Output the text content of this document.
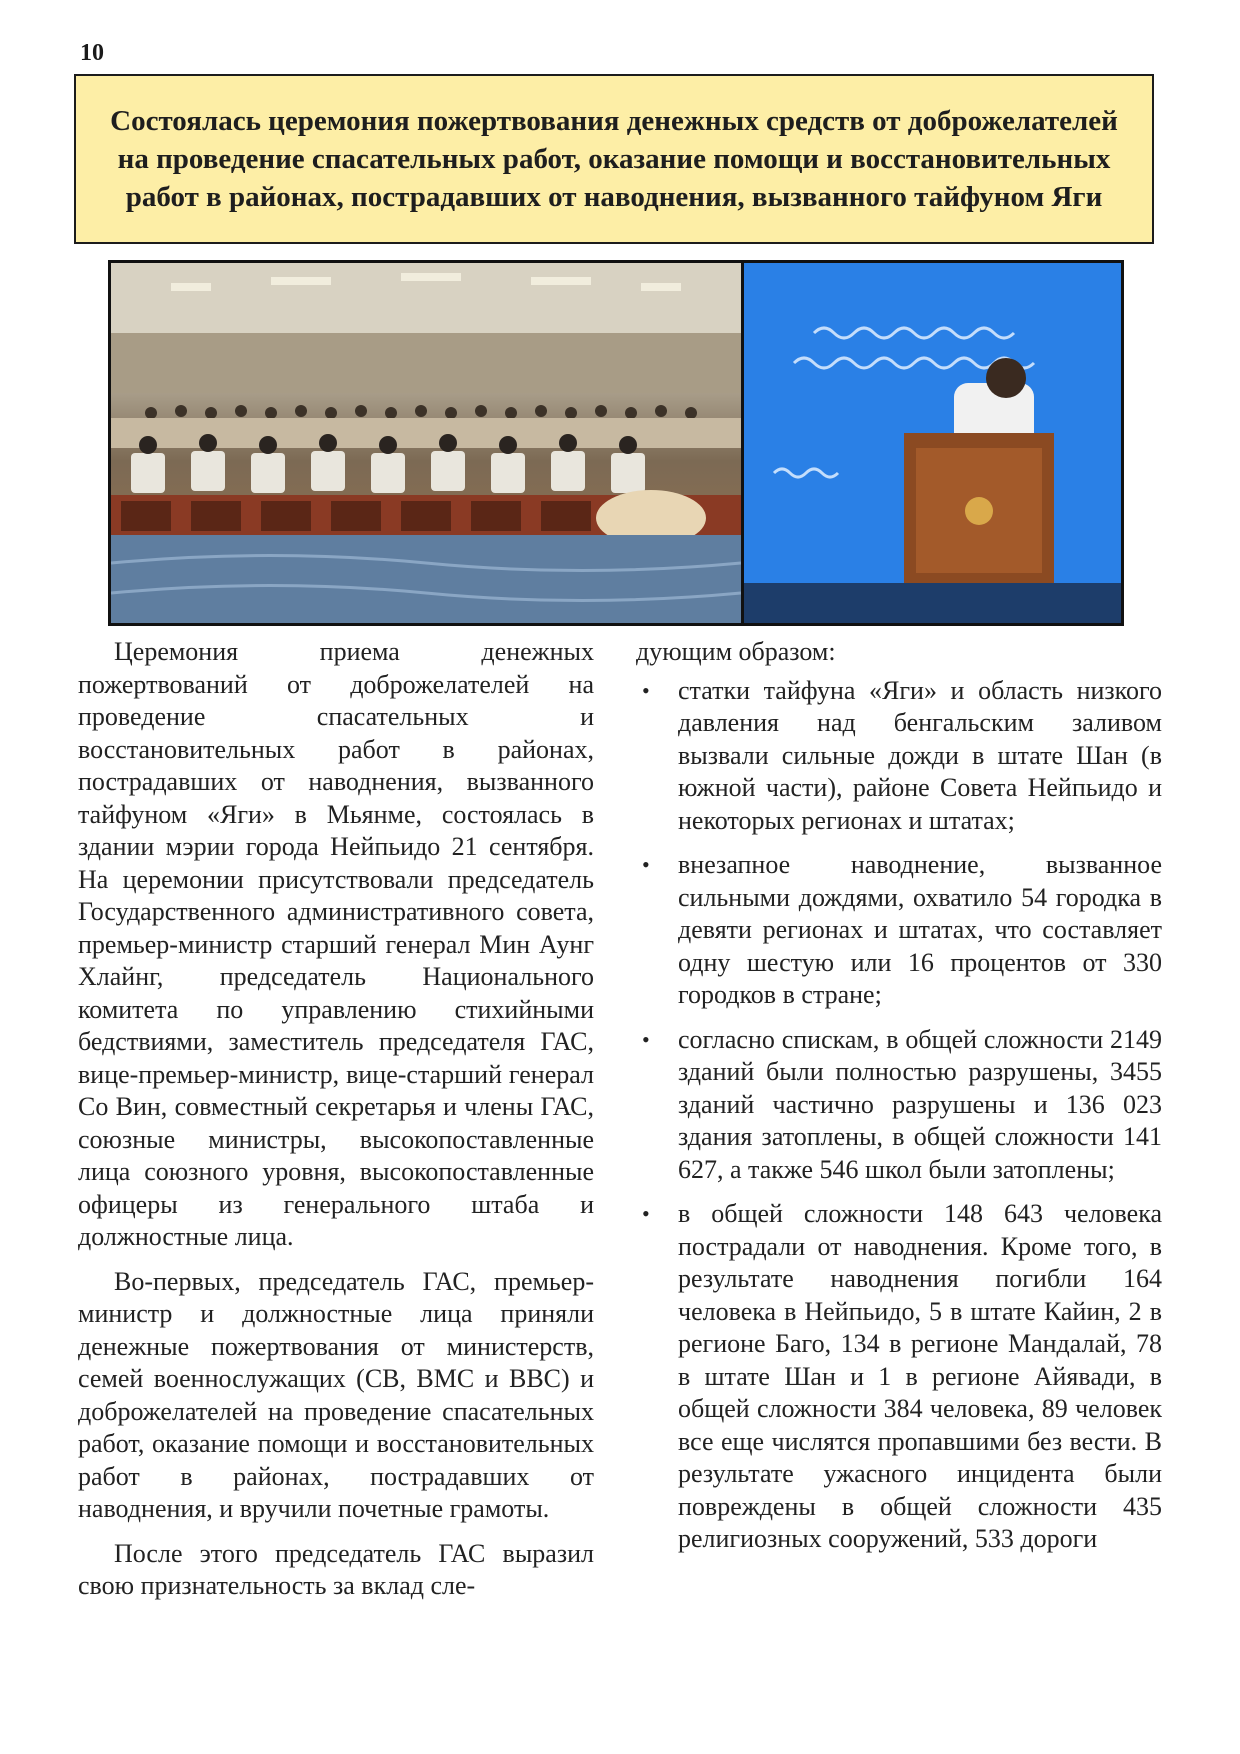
10
Состоялась церемония пожертвования денежных средств от доброжелателей на проведение спасательных работ, оказание помощи и восстановительных работ в районах, пострадавших от наводнения, вызванного тайфуном Яги

Церемония приема денежных пожертвований от доброжелателей на проведение спасательных и восстановительных работ в районах, пострадавших от наводнения, вызванного тайфуном «Яги» в Мьянме, состоялась в здании мэрии города Нейпьидо 21 сентября. На церемонии присутствовали председатель Государственного административного совета, премьер-министр старший генерал Мин Аунг Хлайнг, председатель Национального комитета по управлению стихийными бедствиями, заместитель председателя ГАС, вице-премьер-министр, вице-старший генерал Со Вин, совместный секретарья и члены ГАС, союзные министры, высокопоставленные лица союзного уровня, высокопоставленные офицеры из генерального штаба и должностные лица.

Во-первых, председатель ГАС, премьер-министр и должностные лица приняли денежные пожертвования от министерств, семей военнослужащих (СВ, ВМС и ВВС) и доброжелателей на проведение спасательных работ, оказание помощи и восстановительных работ в районах, пострадавших от наводнения, и вручили почетные грамоты.

После этого председатель ГАС выразил свою признательность за вклад сле-

дующим образом:

• статки тайфуна «Яги» и область низкого давления над бенгальским заливом вызвали сильные дожди в штате Шан (в южной части), районе Совета Нейпьидо и некоторых регионах и штатах;
• внезапное наводнение, вызванное сильными дождями, охватило 54 городка в девяти регионах и штатах, что составляет одну шестую или 16 процентов от 330 городков в стране;
• согласно спискам, в общей сложности 2149 зданий были полностью разрушены, 3455 зданий частично разрушены и 136 023 здания затоплены, в общей сложности 141 627, а также 546 школ были затоплены;
• в общей сложности 148 643 человека пострадали от наводнения. Кроме того, в результате наводнения погибли 164 человека в Нейпьидо, 5 в штате Кайин, 2 в регионе Баго, 134 в регионе Мандалай, 78 в штате Шан и 1 в регионе Айявади, в общей сложности 384 человека, 89 человек все еще числятся пропавшими без вести. В результате ужасного инцидента были повреждены в общей сложности 435 религиозных сооружений, 533 дороги
